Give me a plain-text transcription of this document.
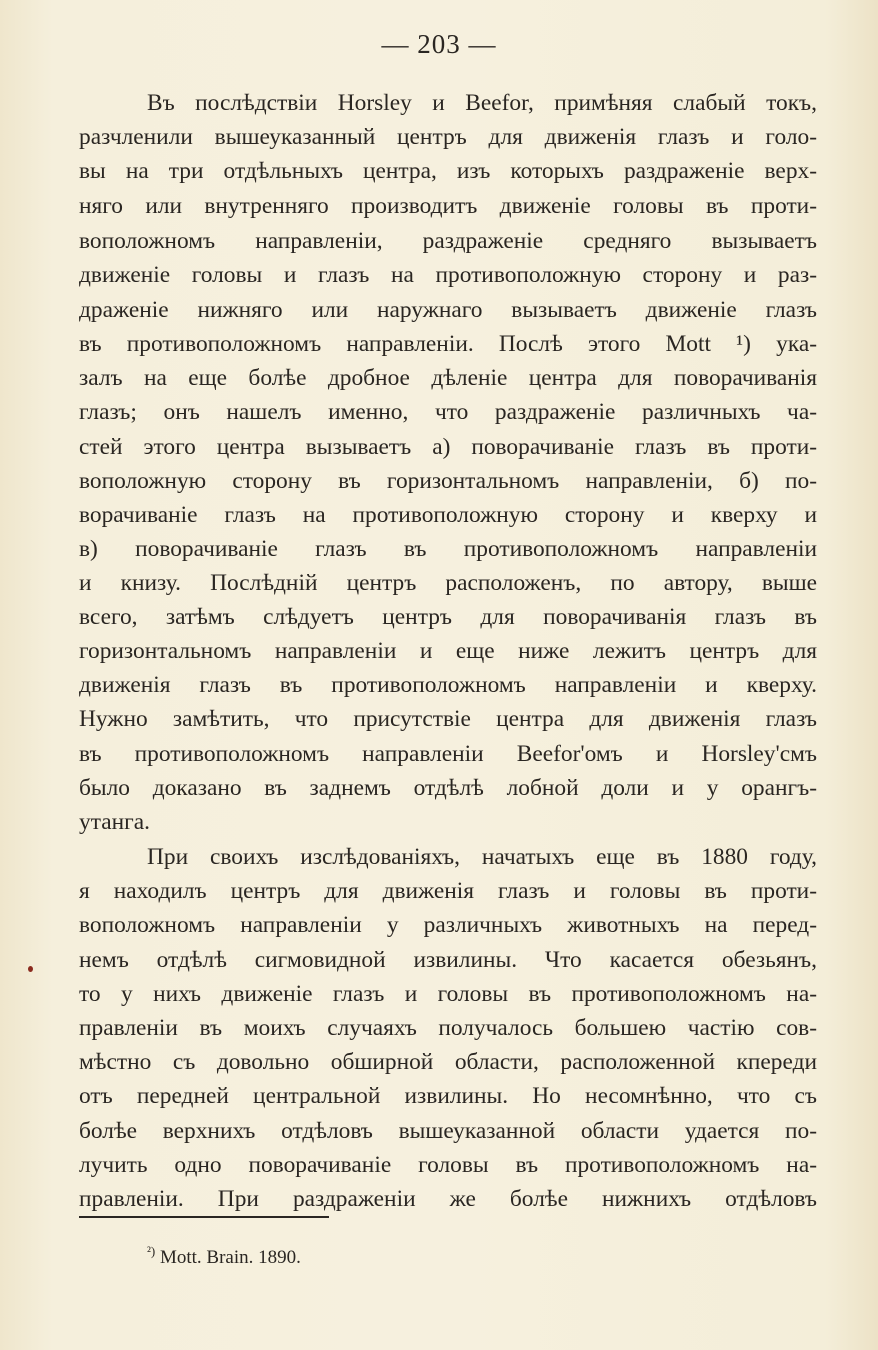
— 203 —
Въ послѣдствіи Horsley и Beefor, примѣняя слабый токъ,
разчленили вышеуказанный центръ для движенія глазъ и голо-
вы на три отдѣльныхъ центра, изъ которыхъ раздраженіе верх-
няго или внутренняго производитъ движеніе головы въ проти-
воположномъ направленіи, раздраженіе средняго вызываетъ
движеніе головы и глазъ на противоположную сторону и раз-
драженіе нижняго или наружнаго вызываетъ движеніе глазъ
въ противоположномъ направленіи. Послѣ этого Mott ¹) ука-
залъ на еще болѣе дробное дѣленіе центра для поворачиванія
глазъ; онъ нашелъ именно, что раздраженіе различныхъ ча-
стей этого центра вызываетъ a) поворачиваніе глазъ въ проти-
воположную сторону въ горизонтальномъ направленіи, б) по-
ворачиваніе глазъ на противоположную сторону и кверху и
в) поворачиваніе глазъ въ противоположномъ направленіи
и книзу. Послѣдній центръ расположенъ, по автору, выше
всего, затѣмъ слѣдуетъ центръ для поворачиванія глазъ въ
горизонтальномъ направленіи и еще ниже лежитъ центръ для
движенія глазъ въ противоположномъ направленіи и кверху.
Нужно замѣтить, что присутствіе центра для движенія глазъ
въ противоположномъ направленіи Beefor'омъ и Horsley'смъ
было доказано въ заднемъ отдѣлѣ лобной доли и у орангъ-
утанга.
При своихъ изслѣдованіяхъ, начатыхъ еще въ 1880 году,
я находилъ центръ для движенія глазъ и головы въ проти-
воположномъ направленіи у различныхъ животныхъ на перед-
немъ отдѣлѣ сигмовидной извилины. Что касается обезьянъ,
то у нихъ движеніе глазъ и головы въ противоположномъ на-
правленіи въ моихъ случаяхъ получалось большею частію сов-
мѣстно съ довольно обширной области, расположенной кпереди
отъ передней центральной извилины. Но несомнѣнно, что съ
болѣе верхнихъ отдѣловъ вышеуказанной области удается по-
лучить одно поворачиваніе головы въ противоположномъ на-
правленіи. При раздраженіи же болѣе нижнихъ отдѣловъ
$^{^2)}$ Mott. Brain. 1890.
